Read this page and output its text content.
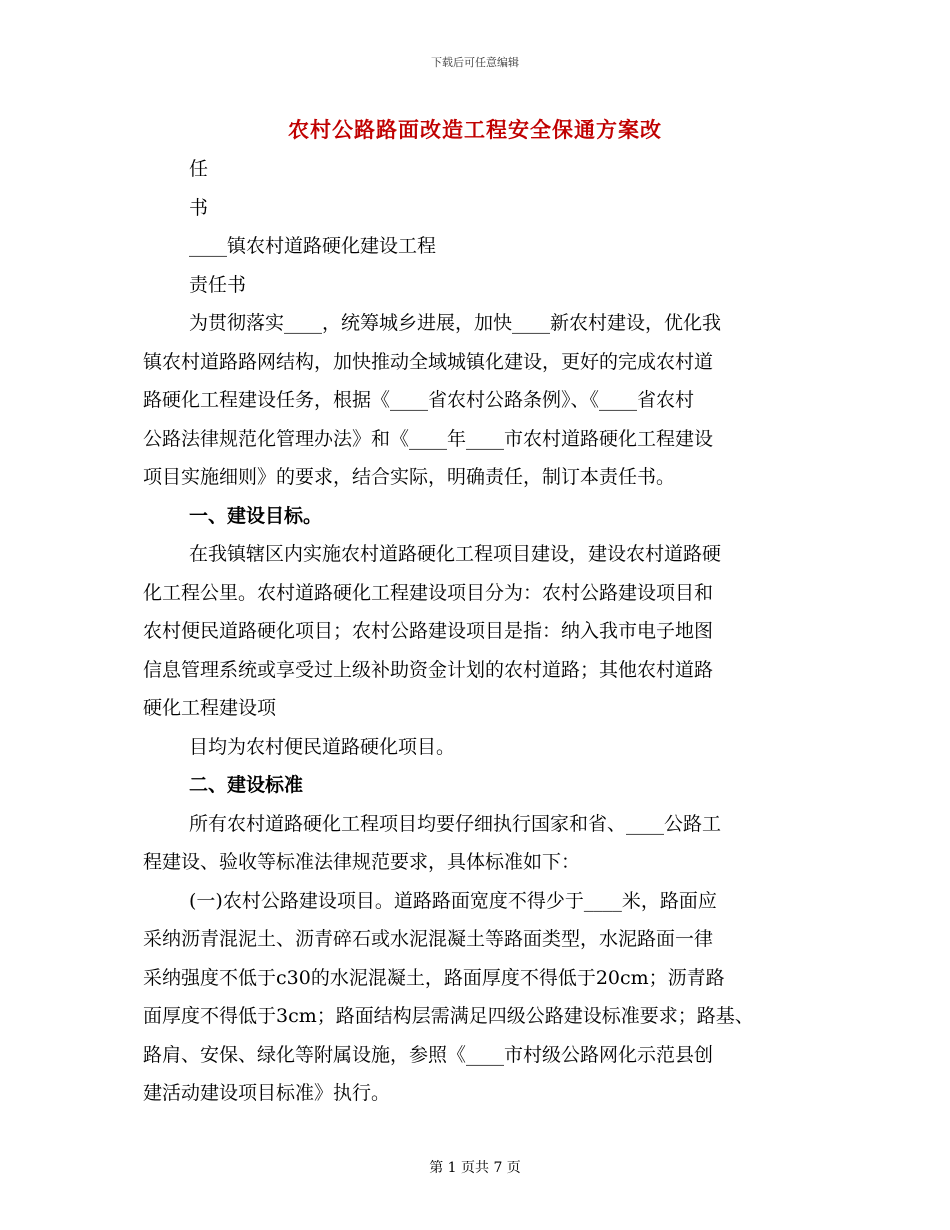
下载后可任意编辑
农村公路路面改造工程安全保通方案改
任
书
____镇农村道路硬化建设工程
责任书
为贯彻落实____，统筹城乡进展，加快____新农村建设，优化我
镇农村道路路网结构，加快推动全域城镇化建设，更好的完成农村道
路硬化工程建设任务，根据《____省农村公路条例》、《____省农村
公路法律规范化管理办法》和《____年____市农村道路硬化工程建设
项目实施细则》的要求，结合实际，明确责任，制订本责任书。
一、建设目标。
在我镇辖区内实施农村道路硬化工程项目建设，建设农村道路硬
化工程公里。农村道路硬化工程建设项目分为：农村公路建设项目和
农村便民道路硬化项目；农村公路建设项目是指：纳入我市电子地图
信息管理系统或享受过上级补助资金计划的农村道路；其他农村道路
硬化工程建设项
目均为农村便民道路硬化项目。
二、建设标准
所有农村道路硬化工程项目均要仔细执行国家和省、____公路工
程建设、验收等标准法律规范要求，具体标准如下：
(一)农村公路建设项目。道路路面宽度不得少于____米，路面应
采纳沥青混泥土、沥青碎石或水泥混凝土等路面类型，水泥路面一律
采纳强度不低于c30的水泥混凝土，路面厚度不得低于20cm；沥青路
面厚度不得低于3cm；路面结构层需满足四级公路建设标准要求；路基、
路肩、安保、绿化等附属设施，参照《____市村级公路网化示范县创
建活动建设项目标准》执行。
第 1 页共 7 页
